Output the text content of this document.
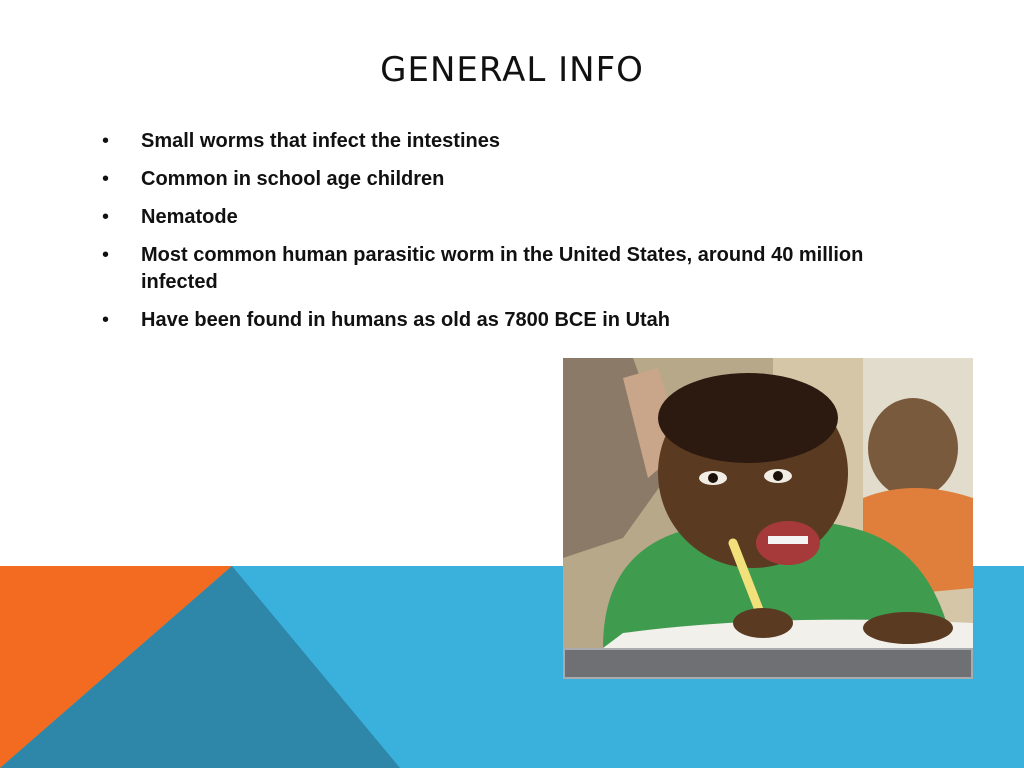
GENERAL INFO
• Small worms that infect the intestines
• Common in school age children
• Nematode
• Most common human parasitic worm in the United States, around 40 million infected
• Have been found in humans as old as 7800 BCE in Utah
